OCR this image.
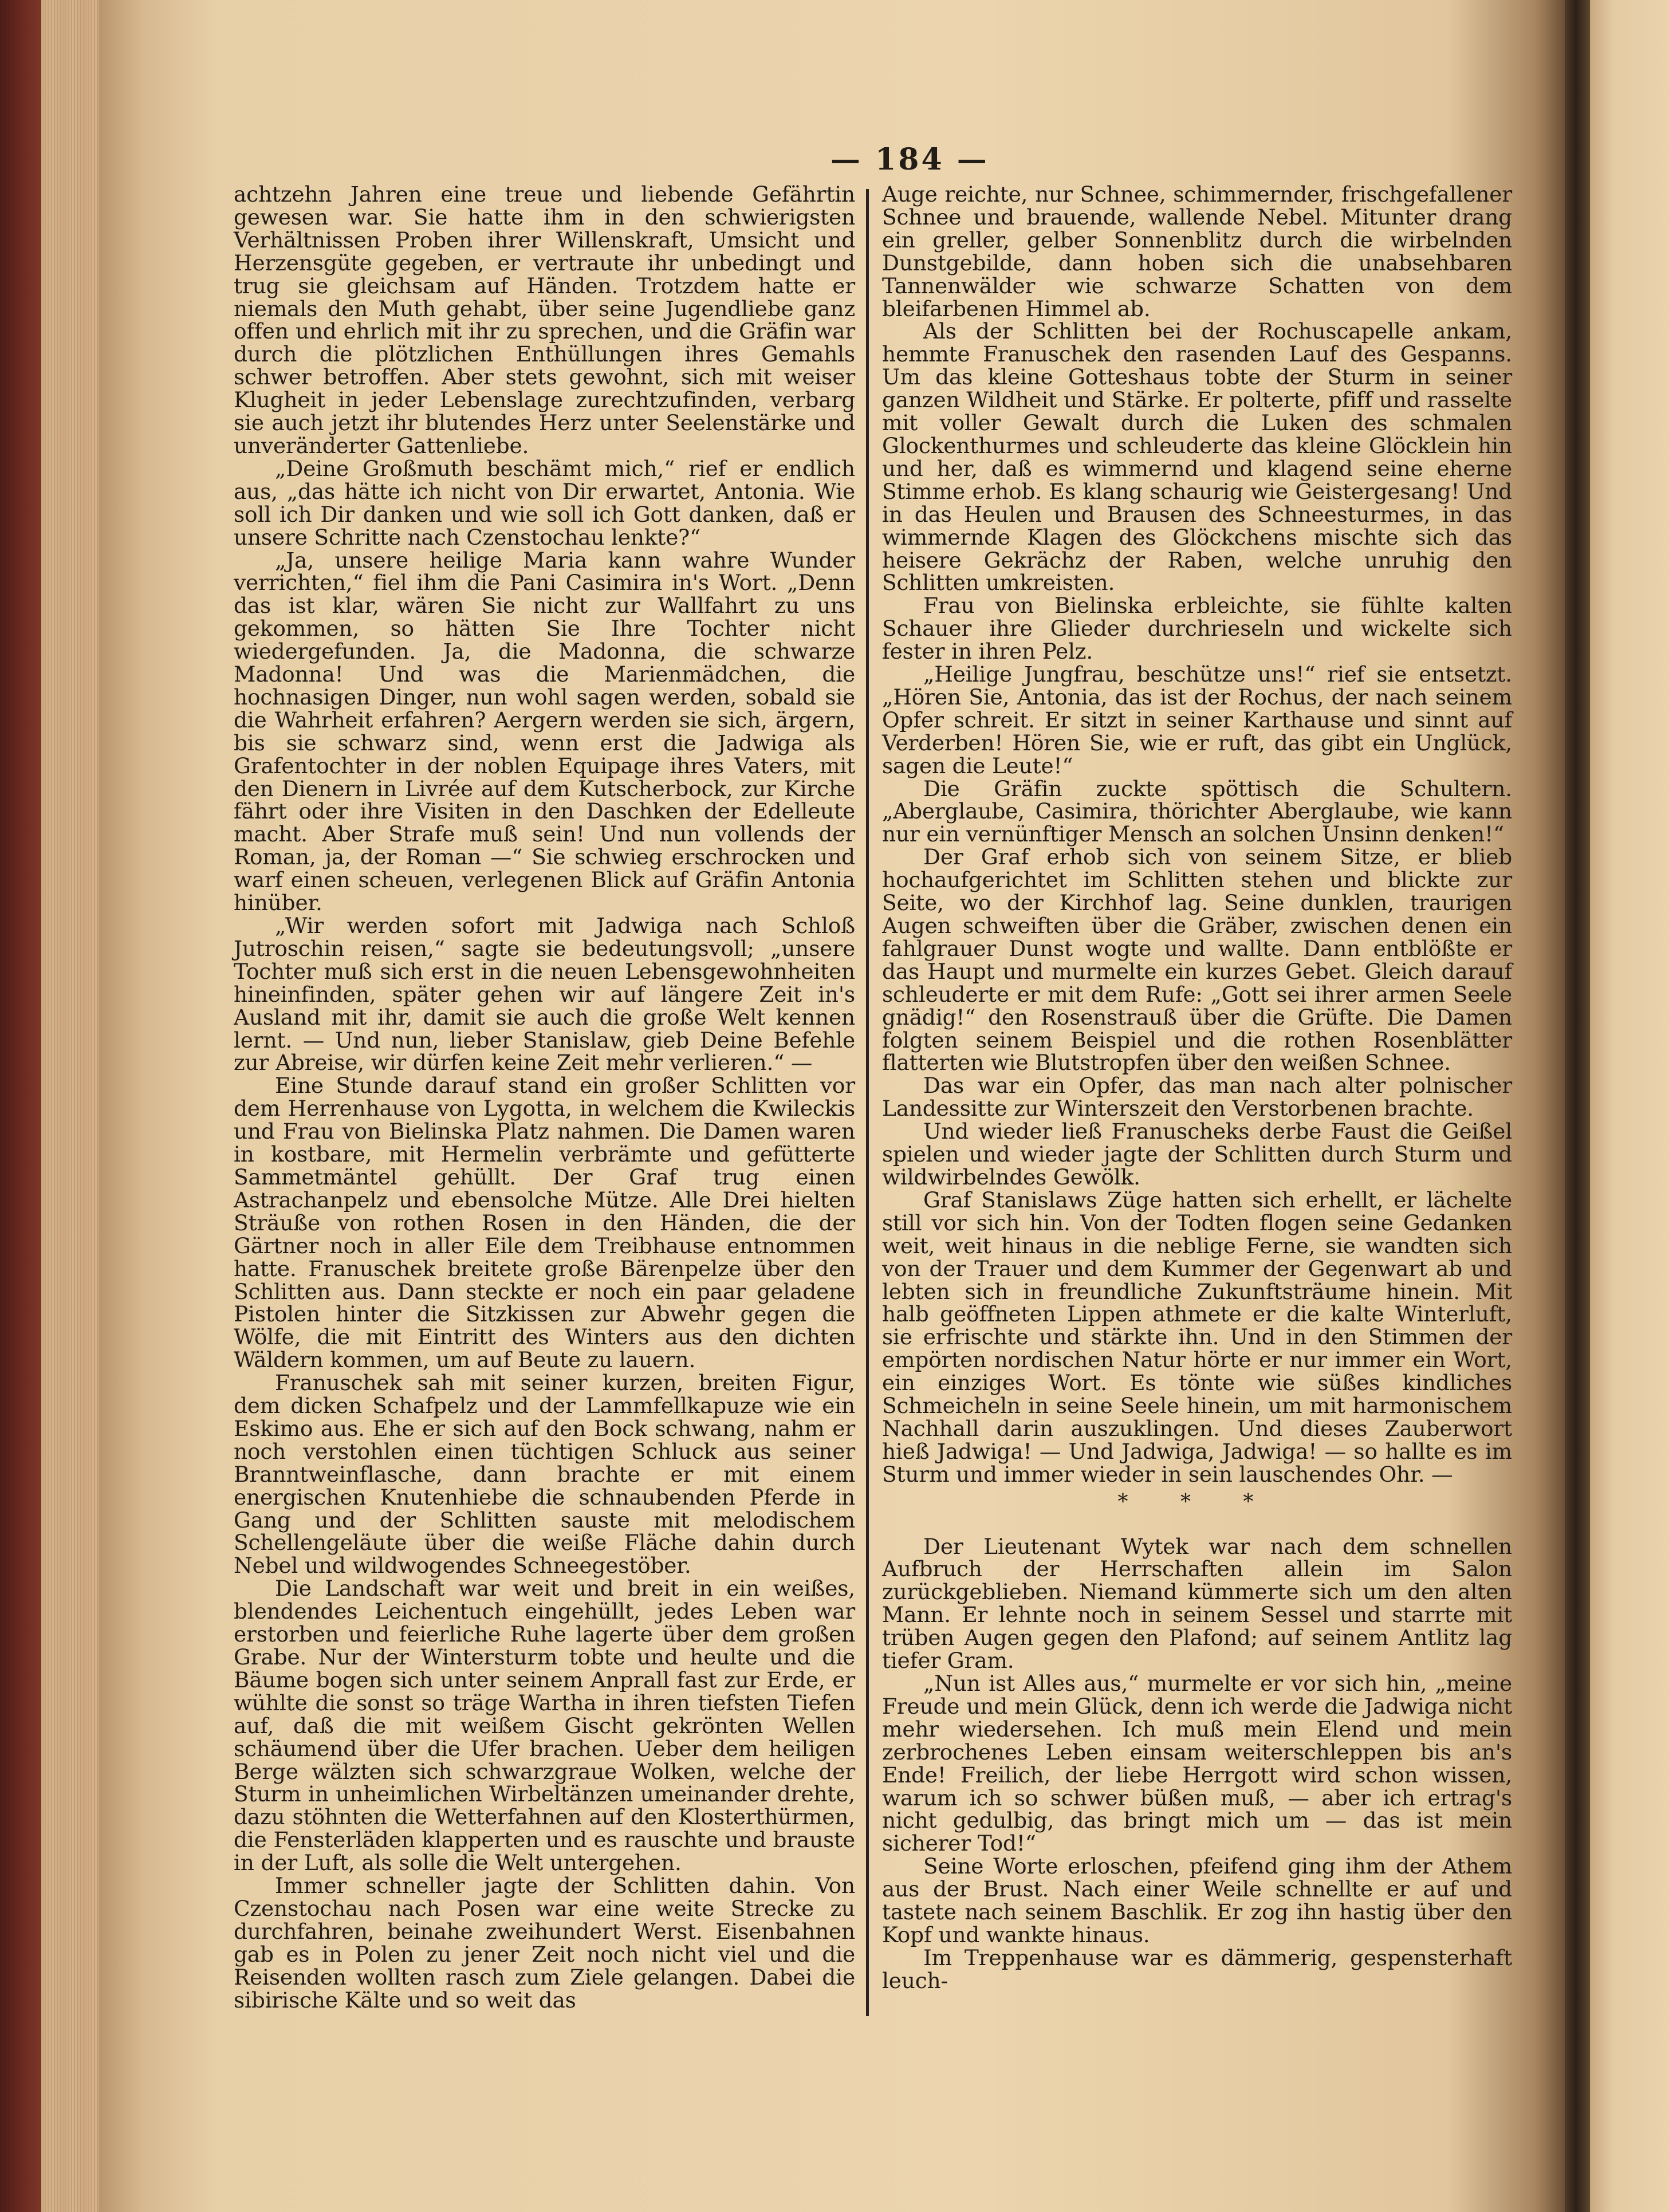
— 184 —

achtzehn Jahren eine treue und liebende Gefährtin gewesen war. Sie hatte ihm in den schwierigsten Verhältnissen Proben ihrer Willenskraft, Umsicht und Herzensgüte gegeben, er vertraute ihr unbedingt und trug sie gleichsam auf Händen. Trotzdem hatte er niemals den Muth gehabt, über seine Jugendliebe ganz offen und ehrlich mit ihr zu sprechen, und die Gräfin war durch die plötzlichen Enthüllungen ihres Gemahls schwer betroffen. Aber stets gewohnt, sich mit weiser Klugheit in jeder Lebenslage zurechtzufinden, verbarg sie auch jetzt ihr blutendes Herz unter Seelenstärke und unveränderter Gattenliebe.

„Deine Großmuth beschämt mich,“ rief er endlich aus, „das hätte ich nicht von Dir erwartet, Antonia. Wie soll ich Dir danken und wie soll ich Gott danken, daß er unsere Schritte nach Czenstochau lenkte?“

„Ja, unsere heilige Maria kann wahre Wunder verrichten,“ fiel ihm die Pani Casimira in's Wort. „Denn das ist klar, wären Sie nicht zur Wallfahrt zu uns gekommen, so hätten Sie Ihre Tochter nicht wiedergefunden. Ja, die Madonna, die schwarze Madonna! Und was die Marienmädchen, die hochnasigen Dinger, nun wohl sagen werden, sobald sie die Wahrheit erfahren? Aergern werden sie sich, ärgern, bis sie schwarz sind, wenn erst die Jadwiga als Grafentochter in der noblen Equipage ihres Vaters, mit den Dienern in Livrée auf dem Kutscherbock, zur Kirche fährt oder ihre Visiten in den Daschken der Edelleute macht. Aber Strafe muß sein! Und nun vollends der Roman, ja, der Roman —“ Sie schwieg erschrocken und warf einen scheuen, verlegenen Blick auf Gräfin Antonia hinüber.

„Wir werden sofort mit Jadwiga nach Schloß Jutroschin reisen,“ sagte sie bedeutungsvoll; „unsere Tochter muß sich erst in die neuen Lebensgewohnheiten hineinfinden, später gehen wir auf längere Zeit in's Ausland mit ihr, damit sie auch die große Welt kennen lernt. — Und nun, lieber Stanislaw, gieb Deine Befehle zur Abreise, wir dürfen keine Zeit mehr verlieren.“ —

Eine Stunde darauf stand ein großer Schlitten vor dem Herrenhause von Lygotta, in welchem die Kwileckis und Frau von Bielinska Platz nahmen. Die Damen waren in kostbare, mit Hermelin verbrämte und gefütterte Sammetmäntel gehüllt. Der Graf trug einen Astrachanpelz und ebensolche Mütze. Alle Drei hielten Sträuße von rothen Rosen in den Händen, die der Gärtner noch in aller Eile dem Treibhause entnommen hatte. Franuschek breitete große Bärenpelze über den Schlitten aus. Dann steckte er noch ein paar geladene Pistolen hinter die Sitzkissen zur Abwehr gegen die Wölfe, die mit Eintritt des Winters aus den dichten Wäldern kommen, um auf Beute zu lauern.

Franuschek sah mit seiner kurzen, breiten Figur, dem dicken Schafpelz und der Lammfellkapuze wie ein Eskimo aus. Ehe er sich auf den Bock schwang, nahm er noch verstohlen einen tüchtigen Schluck aus seiner Branntweinflasche, dann brachte er mit einem energischen Knutenhiebe die schnaubenden Pferde in Gang und der Schlitten sauste mit melodischem Schellengeläute über die weiße Fläche dahin durch Nebel und wildwogendes Schneegestöber.

Die Landschaft war weit und breit in ein weißes, blendendes Leichentuch eingehüllt, jedes Leben war erstorben und feierliche Ruhe lagerte über dem großen Grabe. Nur der Wintersturm tobte und heulte und die Bäume bogen sich unter seinem Anprall fast zur Erde, er wühlte die sonst so träge Wartha in ihren tiefsten Tiefen auf, daß die mit weißem Gischt gekrönten Wellen schäumend über die Ufer brachen. Ueber dem heiligen Berge wälzten sich schwarzgraue Wolken, welche der Sturm in unheimlichen Wirbeltänzen umeinander drehte, dazu stöhnten die Wetterfahnen auf den Klosterthürmen, die Fensterläden klapperten und es rauschte und brauste in der Luft, als solle die Welt untergehen.

Immer schneller jagte der Schlitten dahin. Von Czenstochau nach Posen war eine weite Strecke zu durchfahren, beinahe zweihundert Werst. Eisenbahnen gab es in Polen zu jener Zeit noch nicht viel und die Reisenden wollten rasch zum Ziele gelangen. Dabei die sibirische Kälte und so weit das

Auge reichte, nur Schnee, schimmernder, frischgefallener Schnee und brauende, wallende Nebel. Mitunter drang ein greller, gelber Sonnenblitz durch die wirbelnden Dunstgebilde, dann hoben sich die unabsehbaren Tannenwälder wie schwarze Schatten von dem bleifarbenen Himmel ab.

Als der Schlitten bei der Rochuscapelle ankam, hemmte Franuschek den rasenden Lauf des Gespanns. Um das kleine Gotteshaus tobte der Sturm in seiner ganzen Wildheit und Stärke. Er polterte, pfiff und rasselte mit voller Gewalt durch die Luken des schmalen Glockenthurmes und schleuderte das kleine Glöcklein hin und her, daß es wimmernd und klagend seine eherne Stimme erhob. Es klang schaurig wie Geistergesang! Und in das Heulen und Brausen des Schneesturmes, in das wimmernde Klagen des Glöckchens mischte sich das heisere Gekrächz der Raben, welche unruhig den Schlitten umkreisten.

Frau von Bielinska erbleichte, sie fühlte kalten Schauer ihre Glieder durchrieseln und wickelte sich fester in ihren Pelz.

„Heilige Jungfrau, beschütze uns!“ rief sie entsetzt. „Hören Sie, Antonia, das ist der Rochus, der nach seinem Opfer schreit. Er sitzt in seiner Karthause und sinnt auf Verderben! Hören Sie, wie er ruft, das gibt ein Unglück, sagen die Leute!“

Die Gräfin zuckte spöttisch die Schultern. „Aberglaube, Casimira, thörichter Aberglaube, wie kann nur ein vernünftiger Mensch an solchen Unsinn denken!“

Der Graf erhob sich von seinem Sitze, er blieb hochaufgerichtet im Schlitten stehen und blickte zur Seite, wo der Kirchhof lag. Seine dunklen, traurigen Augen schweiften über die Gräber, zwischen denen ein fahlgrauer Dunst wogte und wallte. Dann entblößte er das Haupt und murmelte ein kurzes Gebet. Gleich darauf schleuderte er mit dem Rufe: „Gott sei ihrer armen Seele gnädig!“ den Rosenstrauß über die Grüfte. Die Damen folgten seinem Beispiel und die rothen Rosenblätter flatterten wie Blutstropfen über den weißen Schnee.

Das war ein Opfer, das man nach alter polnischer Landessitte zur Winterszeit den Verstorbenen brachte.

Und wieder ließ Franuscheks derbe Faust die Geißel spielen und wieder jagte der Schlitten durch Sturm und wildwirbelndes Gewölk.

Graf Stanislaws Züge hatten sich erhellt, er lächelte still vor sich hin. Von der Todten flogen seine Gedanken weit, weit hinaus in die neblige Ferne, sie wandten sich von der Trauer und dem Kummer der Gegenwart ab und lebten sich in freundliche Zukunftsträume hinein. Mit halb geöffneten Lippen athmete er die kalte Winterluft, sie erfrischte und stärkte ihn. Und in den Stimmen der empörten nordischen Natur hörte er nur immer ein Wort, ein einziges Wort. Es tönte wie süßes kindliches Schmeicheln in seine Seele hinein, um mit harmonischem Nachhall darin auszuklingen. Und dieses Zauberwort hieß Jadwiga! — Und Jadwiga, Jadwiga! — so hallte es im Sturm und immer wieder in sein lauschendes Ohr. —

* * *

Der Lieutenant Wytek war nach dem schnellen Aufbruch der Herrschaften allein im Salon zurückgeblieben. Niemand kümmerte sich um den alten Mann. Er lehnte noch in seinem Sessel und starrte mit trüben Augen gegen den Plafond; auf seinem Antlitz lag tiefer Gram.

„Nun ist Alles aus,“ murmelte er vor sich hin, „meine Freude und mein Glück, denn ich werde die Jadwiga nicht mehr wiedersehen. Ich muß mein Elend und mein zerbrochenes Leben einsam weiterschleppen bis an's Ende! Freilich, der liebe Herrgott wird schon wissen, warum ich so schwer büßen muß, — aber ich ertrag's nicht gedulbig, das bringt mich um — das ist mein sicherer Tod!“

Seine Worte erloschen, pfeifend ging ihm der Athem aus der Brust. Nach einer Weile schnellte er auf und tastete nach seinem Baschlik. Er zog ihn hastig über den Kopf und wankte hinaus.

Im Treppenhause war es dämmerig, gespensterhaft leuch-
